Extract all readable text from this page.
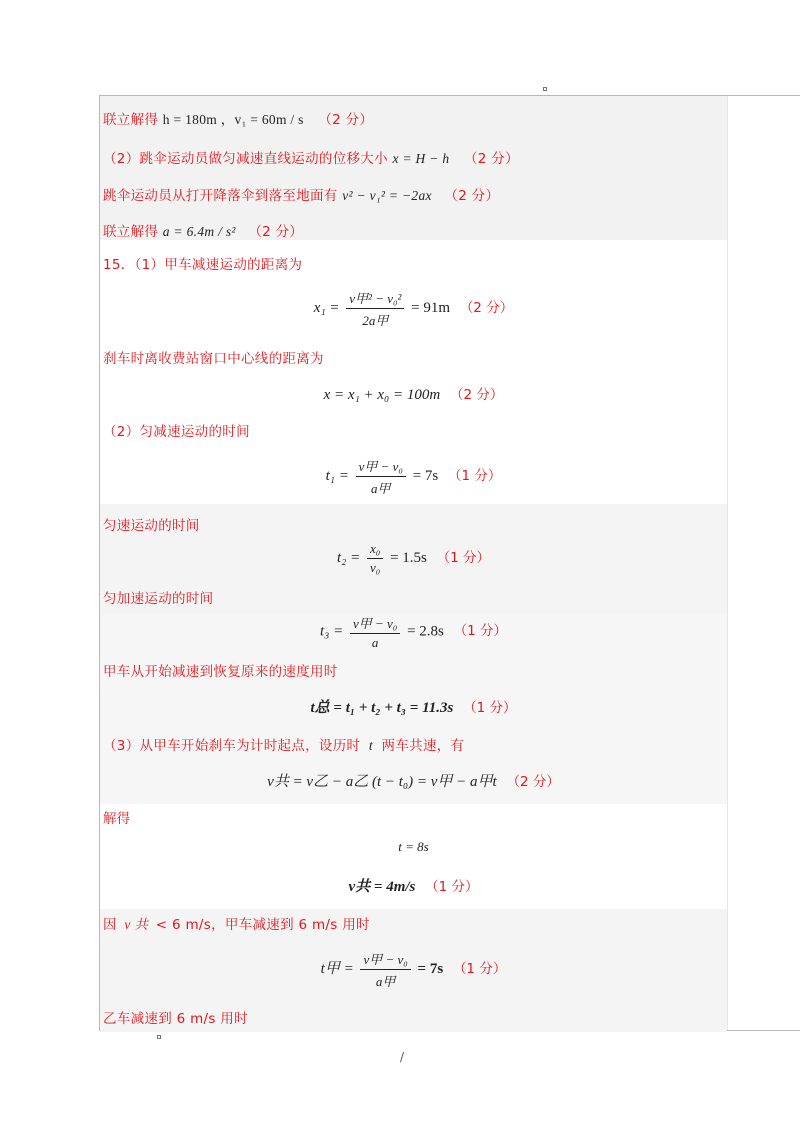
联立解得 h = 180m ，v₁ = 60m / s （2 分）
（2）跳伞运动员做匀减速直线运动的位移大小 x = H − h （2 分）
跳伞运动员从打开降落伞到落至地面有 v² − v₁² = −2ax （2 分）
联立解得 a = 6.4m / s² （2 分）
15．（1）甲车减速运动的距离为
$x_1 = \frac{\text{v甲² − v₀²}}{\text{2a甲}} = 91m$ （2 分）
刹车时离收费站窗口中心线的距离为
x = x₁ + x₀ = 100m （2 分）
（2）匀减速运动的时间
$t_1 = \frac{\text{v甲 − v₀}}{\text{a甲}} = 7s$ （1 分）
匀速运动的时间
$t_2 = \frac{\text{x₀}}{\text{v₀}} = 1.5s$ （1 分）
匀加速运动的时间
$t_3 = \frac{\text{v甲 − v₀}}{a} = 2.8s$ （1 分）
甲车从开始减速到恢复原来的速度用时
t总 = t₁ + t₂ + t₃ = 11.3s （1 分）
（3）从甲车开始刹车为计时起点，设历时 t 两车共速，有
v共 = v乙 − a乙 (t − t₀) = v甲 − a甲t （2 分）
解得
t = 8s
v共 = 4m/s （1 分）
因 v 共 < 6 m/s，甲车减速到 6 m/s 用时
t甲 = $\frac{\text{v甲 − v₀}}{\text{a甲}} = 7s$ （1 分）
乙车减速到 6 m/s 用时
/
